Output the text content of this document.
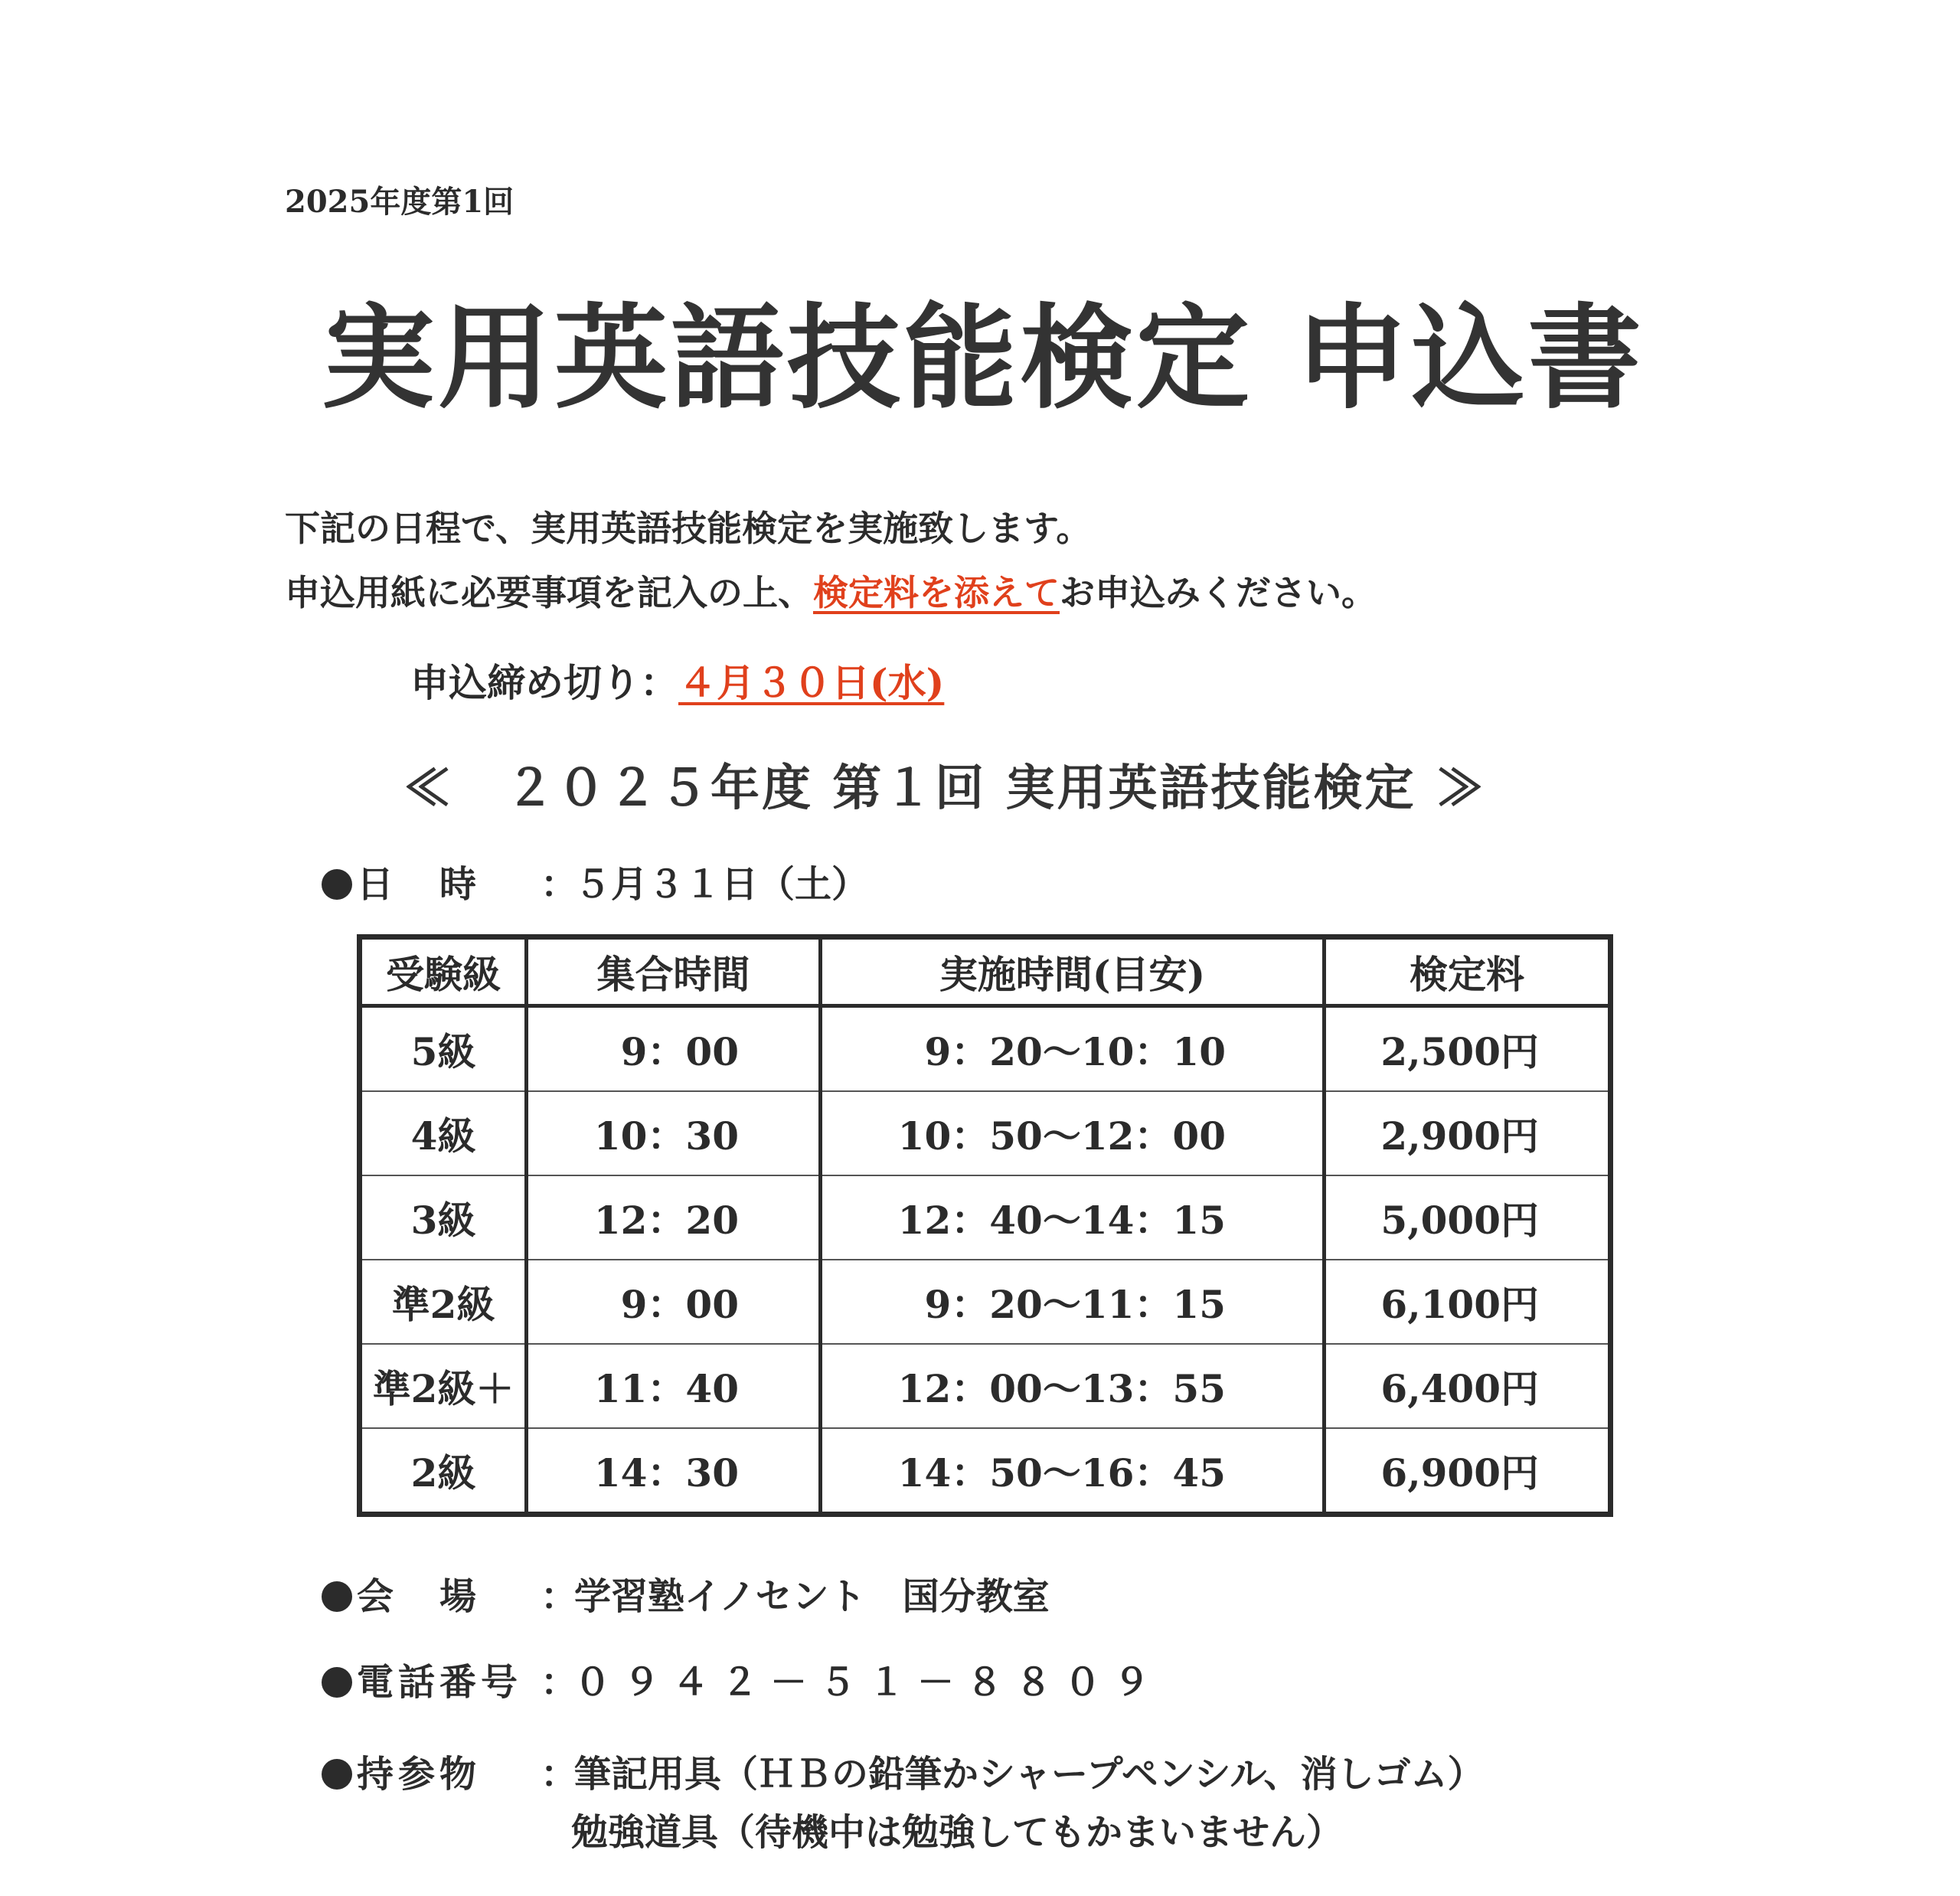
2025年度第1回
実用英語技能検定 申込書
下記の日程で、実用英語技能検定を実施致します。
申込用紙に必要事項を記入の上、検定料を添えてお申込みください。
申込締め切り：４月３０日(水)
≪　２０２５年度 第１回 実用英語技能検定 ≫
日　時	：
５月３１日（土）
受験級	集合時間	実施時間(目安)	検定料
5級	9：00	9：20～10：10	2,500円
4級	10：30	10：50～12：00	2,900円
3級	12：20	12：40～14：15	5,000円
準2級	9：00	9：20～11：15	6,100円
準2級＋	11：40	12：00～13：55	6,400円
2級	14：30	14：50～16：45	6,900円
会　場	：
学習塾イノセント　国分教室
電話番号 ：
０９４２－５１－８８０９
持参物	：
筆記用具（ＨＢの鉛筆かシャープペンシル、消しゴム）
勉強道具（待機中は勉強してもかまいません）
